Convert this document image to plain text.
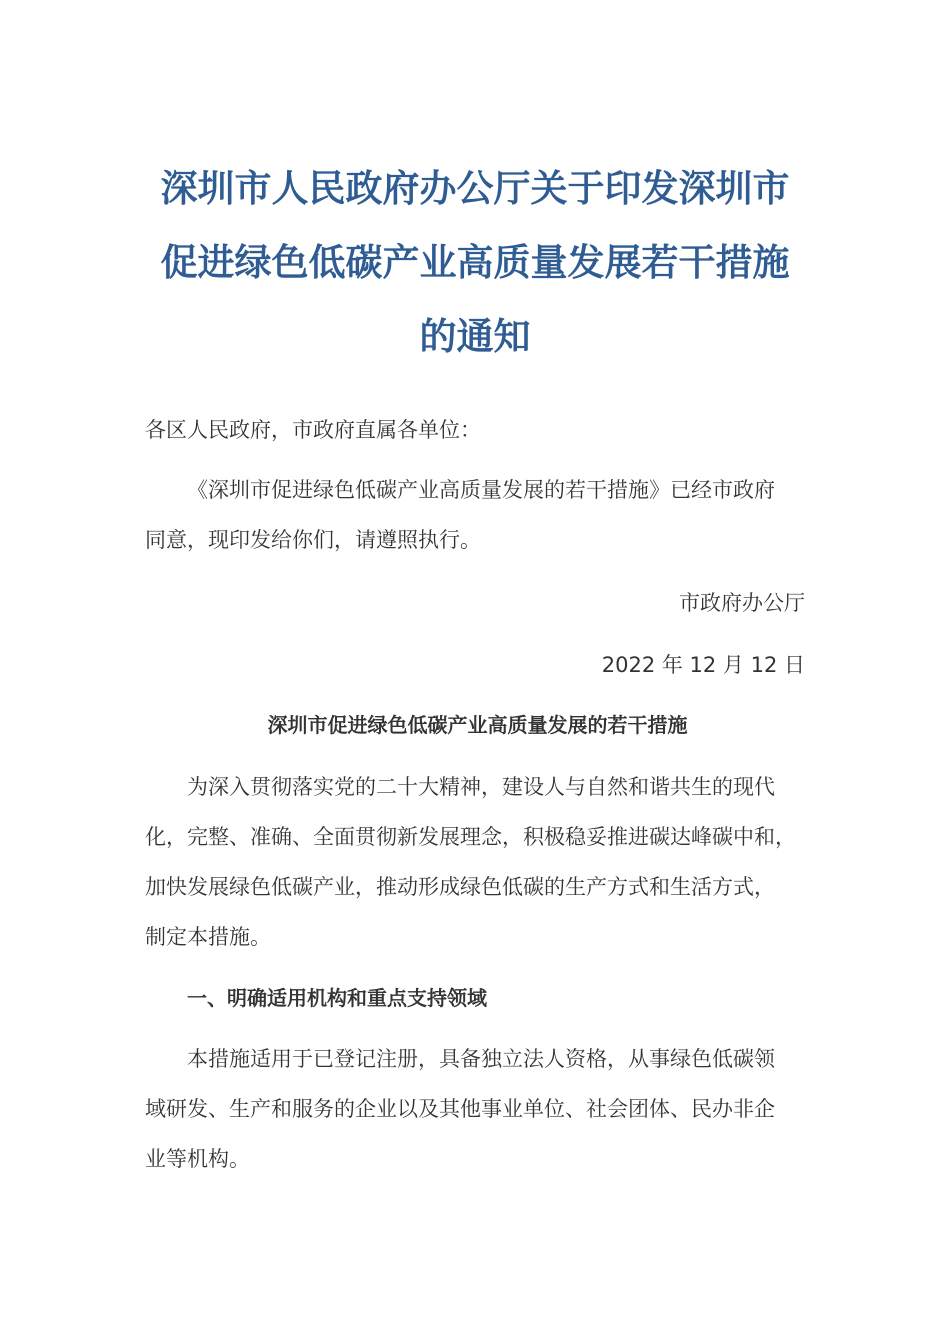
深圳市人民政府办公厅关于印发深圳市
促进绿色低碳产业高质量发展若干措施
的通知
各区人民政府，市政府直属各单位：
《深圳市促进绿色低碳产业高质量发展的若干措施》已经市政府
同意，现印发给你们，请遵照执行。
市政府办公厅
2022 年 12 月 12 日
深圳市促进绿色低碳产业高质量发展的若干措施
为深入贯彻落实党的二十大精神，建设人与自然和谐共生的现代
化，完整、准确、全面贯彻新发展理念，积极稳妥推进碳达峰碳中和，
加快发展绿色低碳产业，推动形成绿色低碳的生产方式和生活方式，
制定本措施。
一、明确适用机构和重点支持领域
本措施适用于已登记注册，具备独立法人资格，从事绿色低碳领
域研发、生产和服务的企业以及其他事业单位、社会团体、民办非企
业等机构。
